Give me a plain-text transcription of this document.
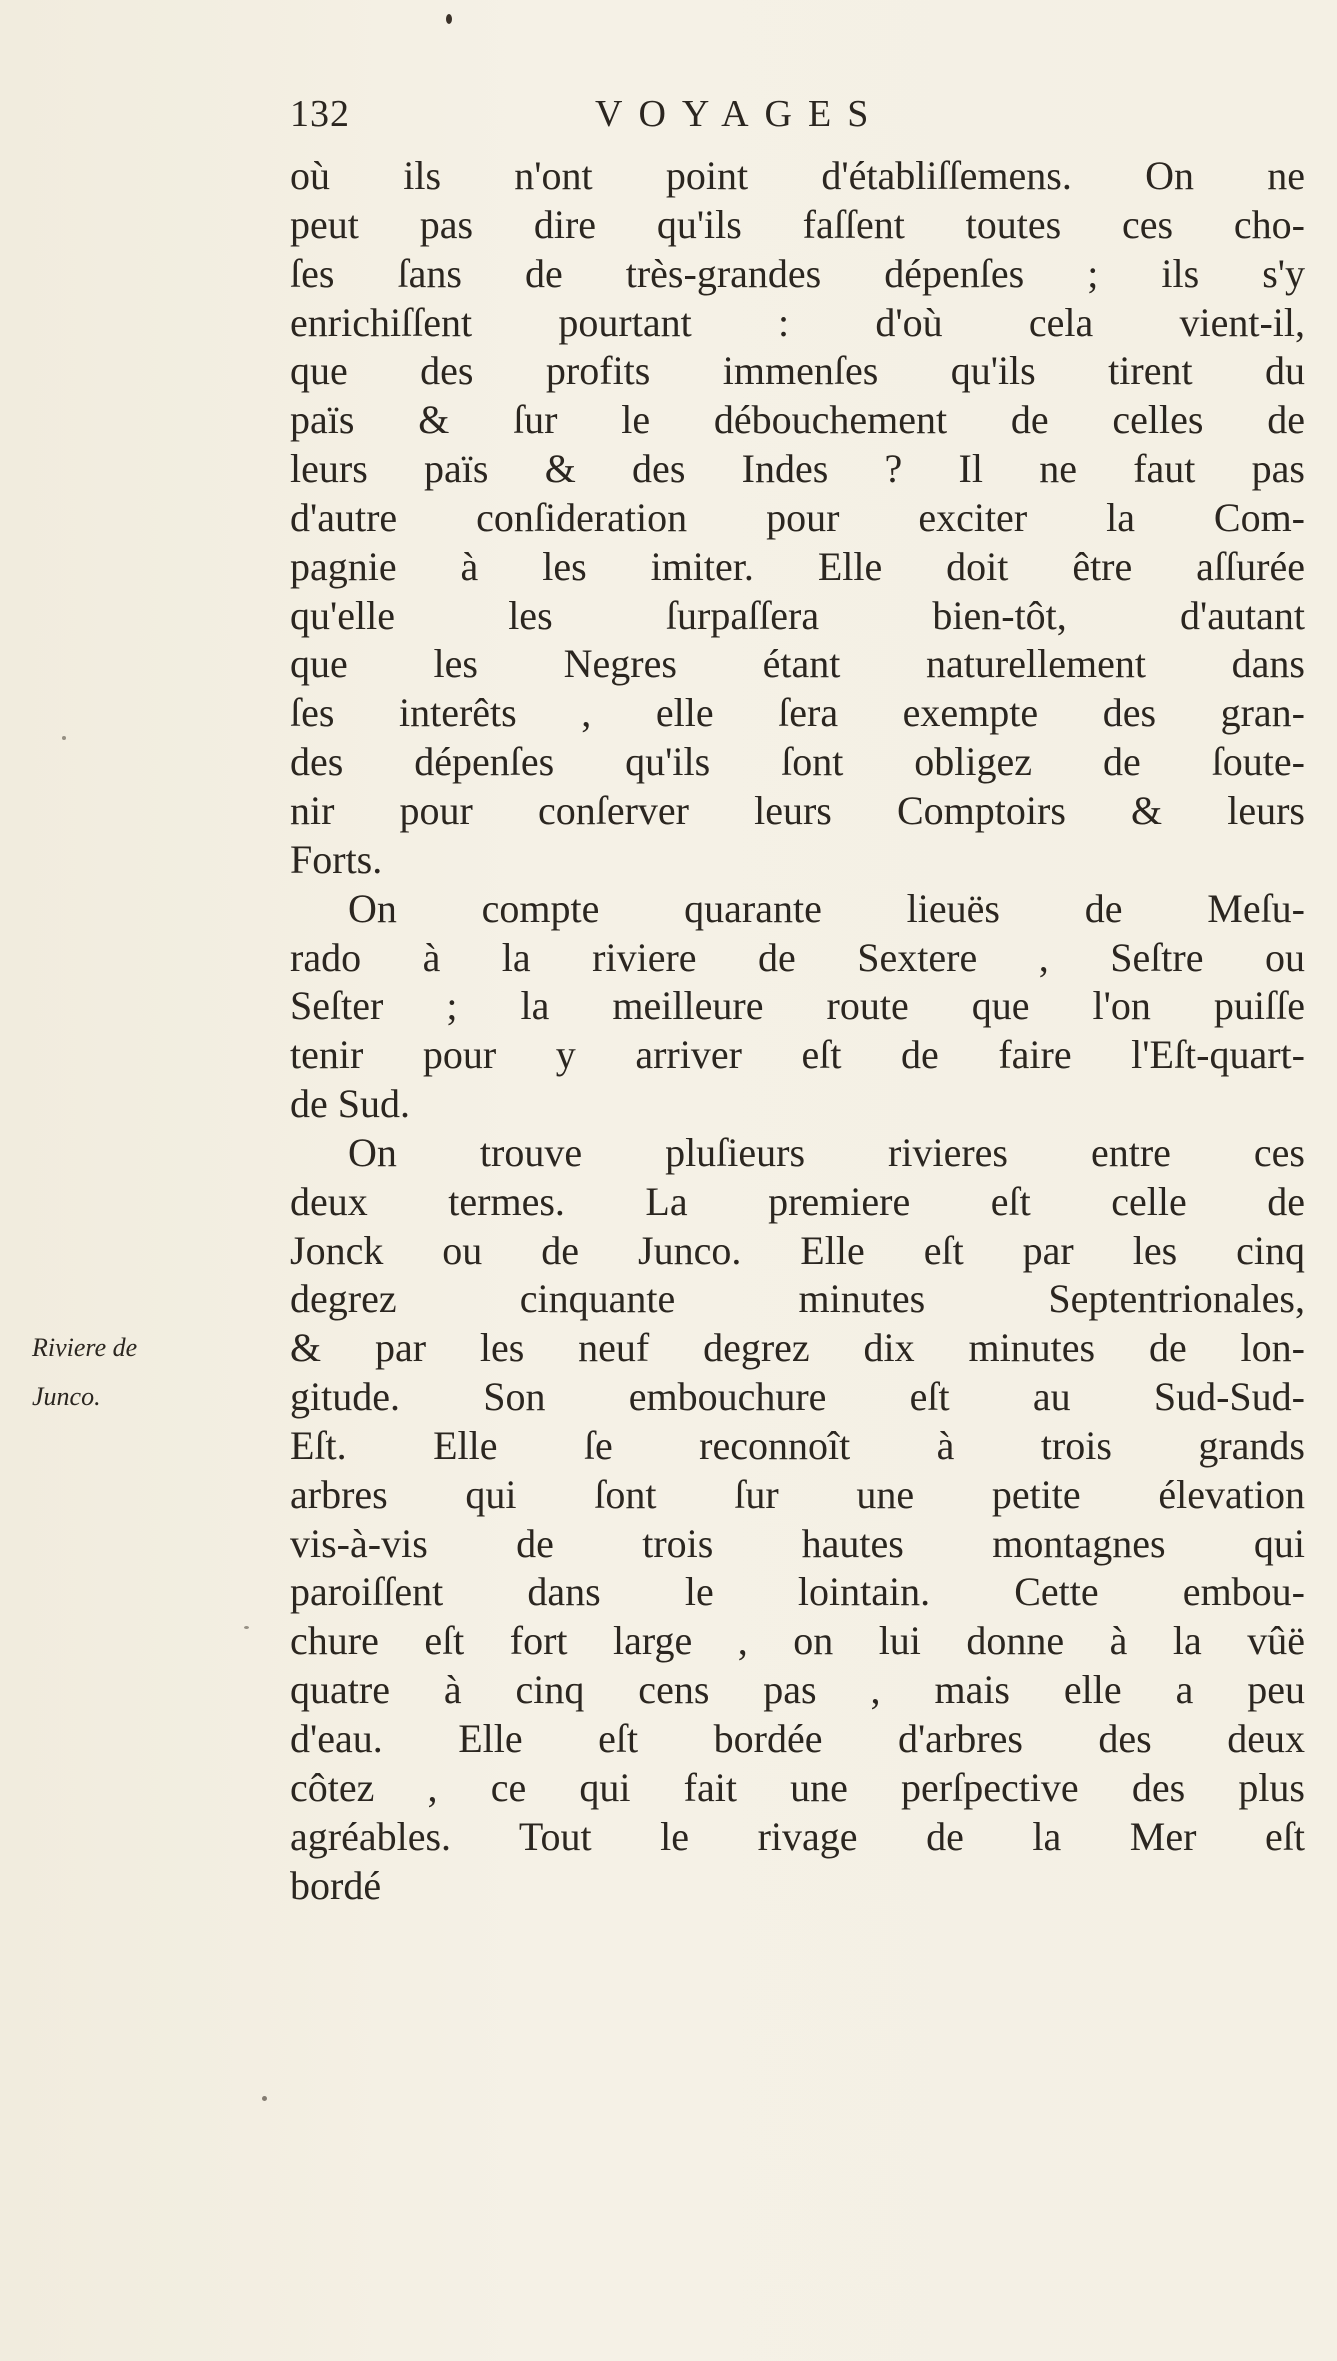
132	VOYAGES
Riviere de
Junco.
où ils n'ont point d'établiſſemens. On ne
peut pas dire qu'ils faſſent toutes ces cho-
ſes ſans de très-grandes dépenſes ; ils s'y
enrichiſſent pourtant : d'où cela vient-il,
que des profits immenſes qu'ils tirent du
païs & ſur le débouchement de celles de
leurs païs & des Indes ? Il ne faut pas
d'autre conſideration pour exciter la Com-
pagnie à les imiter. Elle doit être aſſurée
qu'elle les ſurpaſſera bien-tôt, d'autant
que les Negres étant naturellement dans
ſes interêts , elle ſera exempte des gran-
des dépenſes qu'ils ſont obligez de ſoute-
nir pour conſerver leurs Comptoirs & leurs
Forts.
On compte quarante lieuës de Meſu-
rado à la riviere de Sextere , Seſtre ou
Seſter ; la meilleure route que l'on puiſſe
tenir pour y arriver eſt de faire l'Eſt-quart-
de Sud.
On trouve pluſieurs rivieres entre ces
deux termes. La premiere eſt celle de
Jonck ou de Junco. Elle eſt par les cinq
degrez cinquante minutes Septentrionales,
& par les neuf degrez dix minutes de lon-
gitude. Son embouchure eſt au Sud-Sud-
Eſt. Elle ſe reconnoît à trois grands
arbres qui ſont ſur une petite élevation
vis-à-vis de trois hautes montagnes qui
paroiſſent dans le lointain. Cette embou-
chure eſt fort large , on lui donne à la vûë
quatre à cinq cens pas , mais elle a peu
d'eau. Elle eſt bordée d'arbres des deux
côtez , ce qui fait une perſpective des plus
agréables. Tout le rivage de la Mer eſt
bordé
